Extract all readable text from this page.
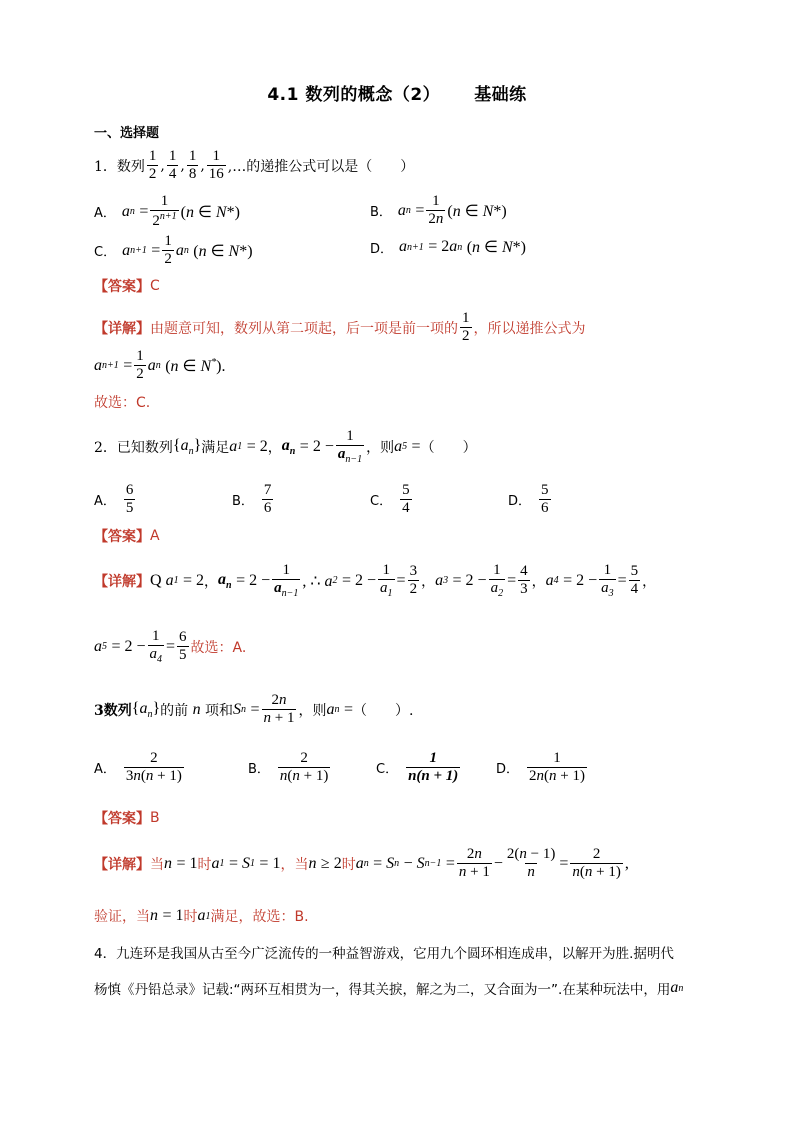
4.1 数列的概念（2） 基础练
一、选择题
1．数列 $\frac{1}{2}$ , $\frac{1}{4}$ , $\frac{1}{8}$ , $\frac{1}{16}$ ,…的递推公式可以是（　　）
A． a n
= $\frac{1}{2^{n+1}} (n$ ∈ N*)	B． a n
= $\frac{1}{2n} (n$ ∈ N*)
C． a n+1
= $\frac{1}{2}$ a n
(n ∈ N*)	D． a n+1
= 2 a n
(n ∈ N*)
【答案】 C
【详解】 由题意可知，数列从第二项起，后一项是前一项的 $\frac{1}{2}$ ，所以递推公式为
a n+1
= $\frac{1}{2}$ a n
(n ∈ N*).
故选：C.
2．已知数列 $\{a_n\}$ 满足 a 1
= 2 ， $a_n$
= $2 - \frac{1}{a_{n-1}}$ ，则 a 5
= （　　）
A． $\frac{6}{5}$	B． $\frac{7}{6}$	C． $\frac{5}{4}$	D． $\frac{5}{6}$
【答案】 A
【详解】 Q a 1
= 2 ， $a_n$
= $2 - \frac{1}{a_{n-1}}$ , ∴ a 2
= $2 - \frac{1}{a_1} = \frac{3}{2}$ ， a 3
= $2 - \frac{1}{a_2} = \frac{4}{3}$ ， a 4
= $2 - \frac{1}{a_3} = \frac{5}{4}$ ，
a 5
= $2 - \frac{1}{a_4} = \frac{6}{5}$ 故选：A.
3数列 $\{a_n\}$ 的前
n
项和 S n
= $\frac{2n}{n + 1}$ ，则 a n
= （　　）.
A． $\frac{2}{3n(n + 1)}$	B． $\frac{2}{n(n + 1)}$	C． $\frac{1}{n(n + 1)}$	D． $\frac{1}{2n(n + 1)}$
【答案】 B
【详解】 当 n
= 1 时 a 1
= S 1
= 1 ，当 n
≥ 2 时 a n
= S n
− S n−1
= $\frac{2n}{n + 1} - \frac{2(n - 1)}{n} = \frac{2}{n(n + 1)}$ ,
验证，当 n
= 1 时 a 1 满足，故选：B.
4．九连环是我国从古至今广泛流传的一种益智游戏，它用九个圆环相连成串，以解开为胜.据明代
杨慎《丹铅总录》记载:“两环互相贯为一，得其关捩，解之为二，又合面为一”.在某种玩法中，用 a n
